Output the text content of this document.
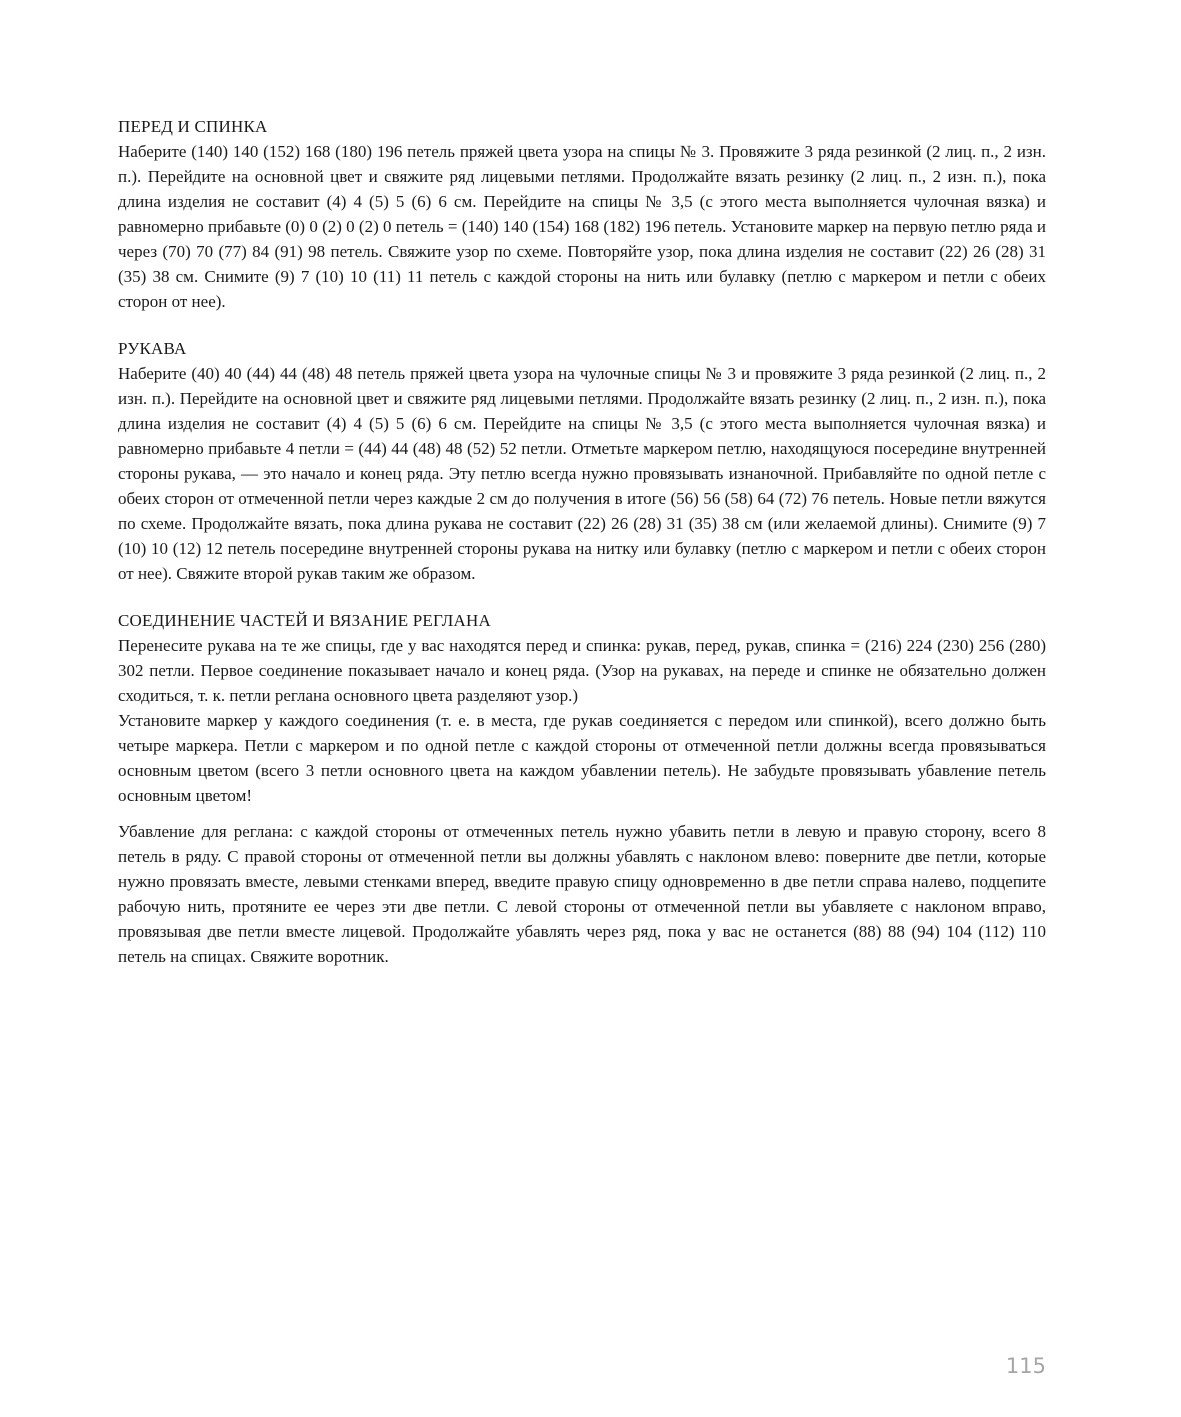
ПЕРЕД И СПИНКА

Наберите (140) 140 (152) 168 (180) 196 петель пряжей цвета узора на спицы № 3. Провяжите 3 ряда резинкой (2 лиц. п., 2 изн. п.). Перейдите на основной цвет и свяжите ряд лицевыми петлями. Продолжайте вязать резинку (2 лиц. п., 2 изн. п.), пока длина изделия не составит (4) 4 (5) 5 (6) 6 см. Перейдите на спицы № 3,5 (с этого места выполняется чулочная вязка) и равномерно прибавьте (0) 0 (2) 0 (2) 0 петель = (140) 140 (154) 168 (182) 196 петель. Установите маркер на первую петлю ряда и через (70) 70 (77) 84 (91) 98 петель. Свяжите узор по схеме. Повторяйте узор, пока длина изделия не составит (22) 26 (28) 31 (35) 38 см. Снимите (9) 7 (10) 10 (11) 11 петель с каждой стороны на нить или булавку (петлю с маркером и петли с обеих сторон от нее).

РУКАВА

Наберите (40) 40 (44) 44 (48) 48 петель пряжей цвета узора на чулочные спицы № 3 и провяжите 3 ряда резинкой (2 лиц. п., 2 изн. п.). Перейдите на основной цвет и свяжите ряд лицевыми петлями. Продолжайте вязать резинку (2 лиц. п., 2 изн. п.), пока длина изделия не составит (4) 4 (5) 5 (6) 6 см. Перейдите на спицы № 3,5 (с этого места выполняется чулочная вязка) и равномерно прибавьте 4 петли = (44) 44 (48) 48 (52) 52 петли. Отметьте маркером петлю, находящуюся посередине внутренней стороны рукава, — это начало и конец ряда. Эту петлю всегда нужно провязывать изнаночной. Прибавляйте по одной петле с обеих сторон от отмеченной петли через каждые 2 см до получения в итоге (56) 56 (58) 64 (72) 76 петель. Новые петли вяжутся по схеме. Продолжайте вязать, пока длина рукава не составит (22) 26 (28) 31 (35) 38 см (или желаемой длины). Снимите (9) 7 (10) 10 (12) 12 петель посередине внутренней стороны рукава на нитку или булавку (петлю с маркером и петли с обеих сторон от нее). Свяжите второй рукав таким же образом.

СОЕДИНЕНИЕ ЧАСТЕЙ И ВЯЗАНИЕ РЕГЛАНА

Перенесите рукава на те же спицы, где у вас находятся перед и спинка: рукав, перед, рукав, спинка = (216) 224 (230) 256 (280) 302 петли. Первое соединение показывает начало и конец ряда. (Узор на рукавах, на переде и спинке не обязательно должен сходиться, т. к. петли реглана основного цвета разделяют узор.)

Установите маркер у каждого соединения (т. е. в места, где рукав соединяется с передом или спинкой), всего должно быть четыре маркера. Петли с маркером и по одной петле с каждой стороны от отмеченной петли должны всегда провязываться основным цветом (всего 3 петли основного цвета на каждом убавлении петель). Не забудьте провязывать убавление петель основным цветом!

Убавление для реглана: с каждой стороны от отмеченных петель нужно убавить петли в левую и правую сторону, всего 8 петель в ряду. С правой стороны от отмеченной петли вы должны убавлять с наклоном влево: поверните две петли, которые нужно провязать вместе, левыми стенками вперед, введите правую спицу одновременно в две петли справа налево, подцепите рабочую нить, протяните ее через эти две петли. С левой стороны от отмеченной петли вы убавляете с наклоном вправо, провязывая две петли вместе лицевой. Продолжайте убавлять через ряд, пока у вас не останется (88) 88 (94) 104 (112) 110 петель на спицах. Свяжите воротник.

115
